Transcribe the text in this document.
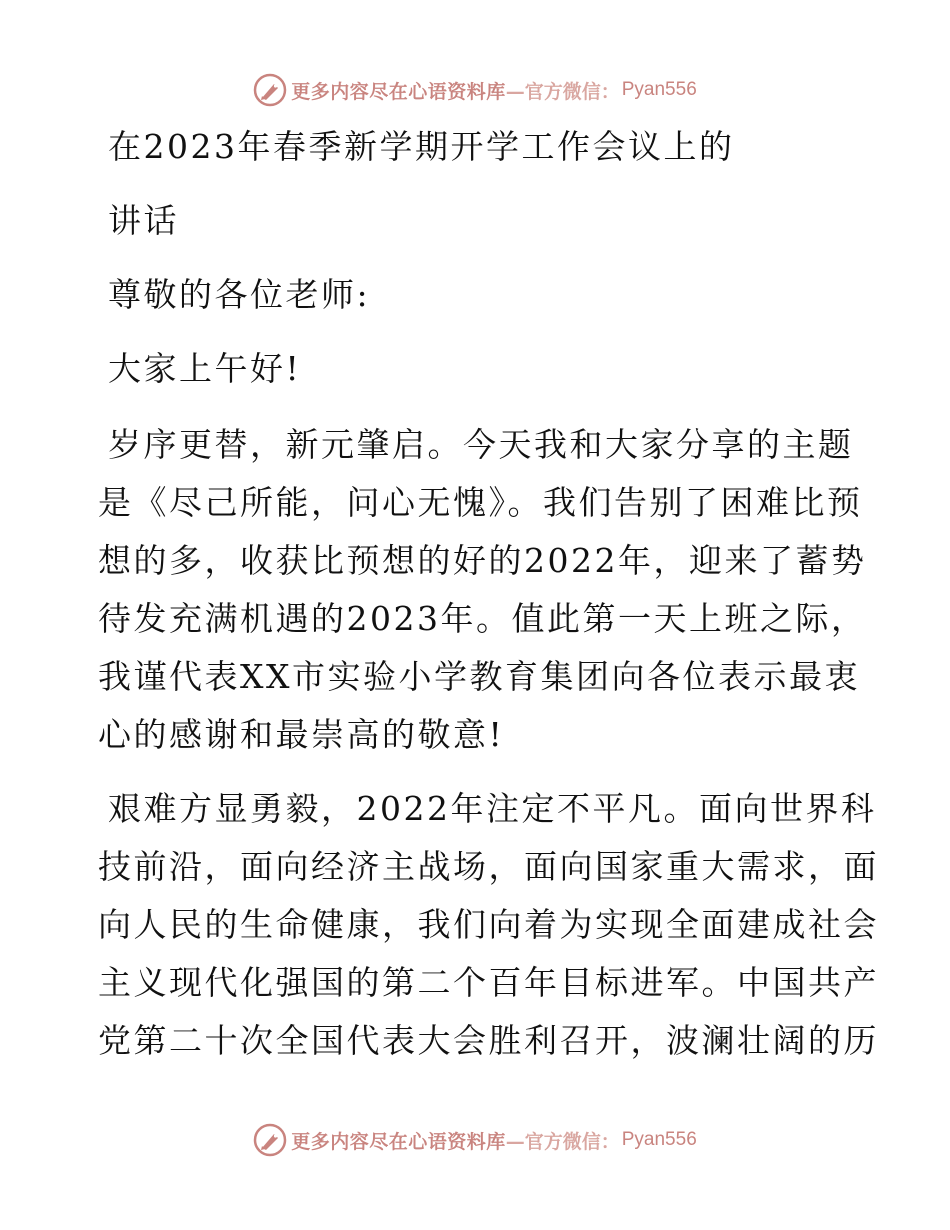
更多内容尽在心语资料库 —官方微信： Pyan556
在2023年春季新学期开学工作会议上的
讲话
尊敬的各位老师:
大家上午好!
岁序更替，新元肇启。今天我和大家分享的主题
是《尽己所能，问心无愧》。我们告别了困难比预
想的多，收获比预想的好的2022年，迎来了蓄势
待发充满机遇的2023年。值此第一天上班之际，
我谨代表XX市实验小学教育集团向各位表示最衷
心的感谢和最崇高的敬意!
艰难方显勇毅，2022年注定不平凡。面向世界科
技前沿，面向经济主战场，面向国家重大需求，面
向人民的生命健康，我们向着为实现全面建成社会
主义现代化强国的第二个百年目标进军。中国共产
党第二十次全国代表大会胜利召开，波澜壮阔的历
更多内容尽在心语资料库 —官方微信： Pyan556
